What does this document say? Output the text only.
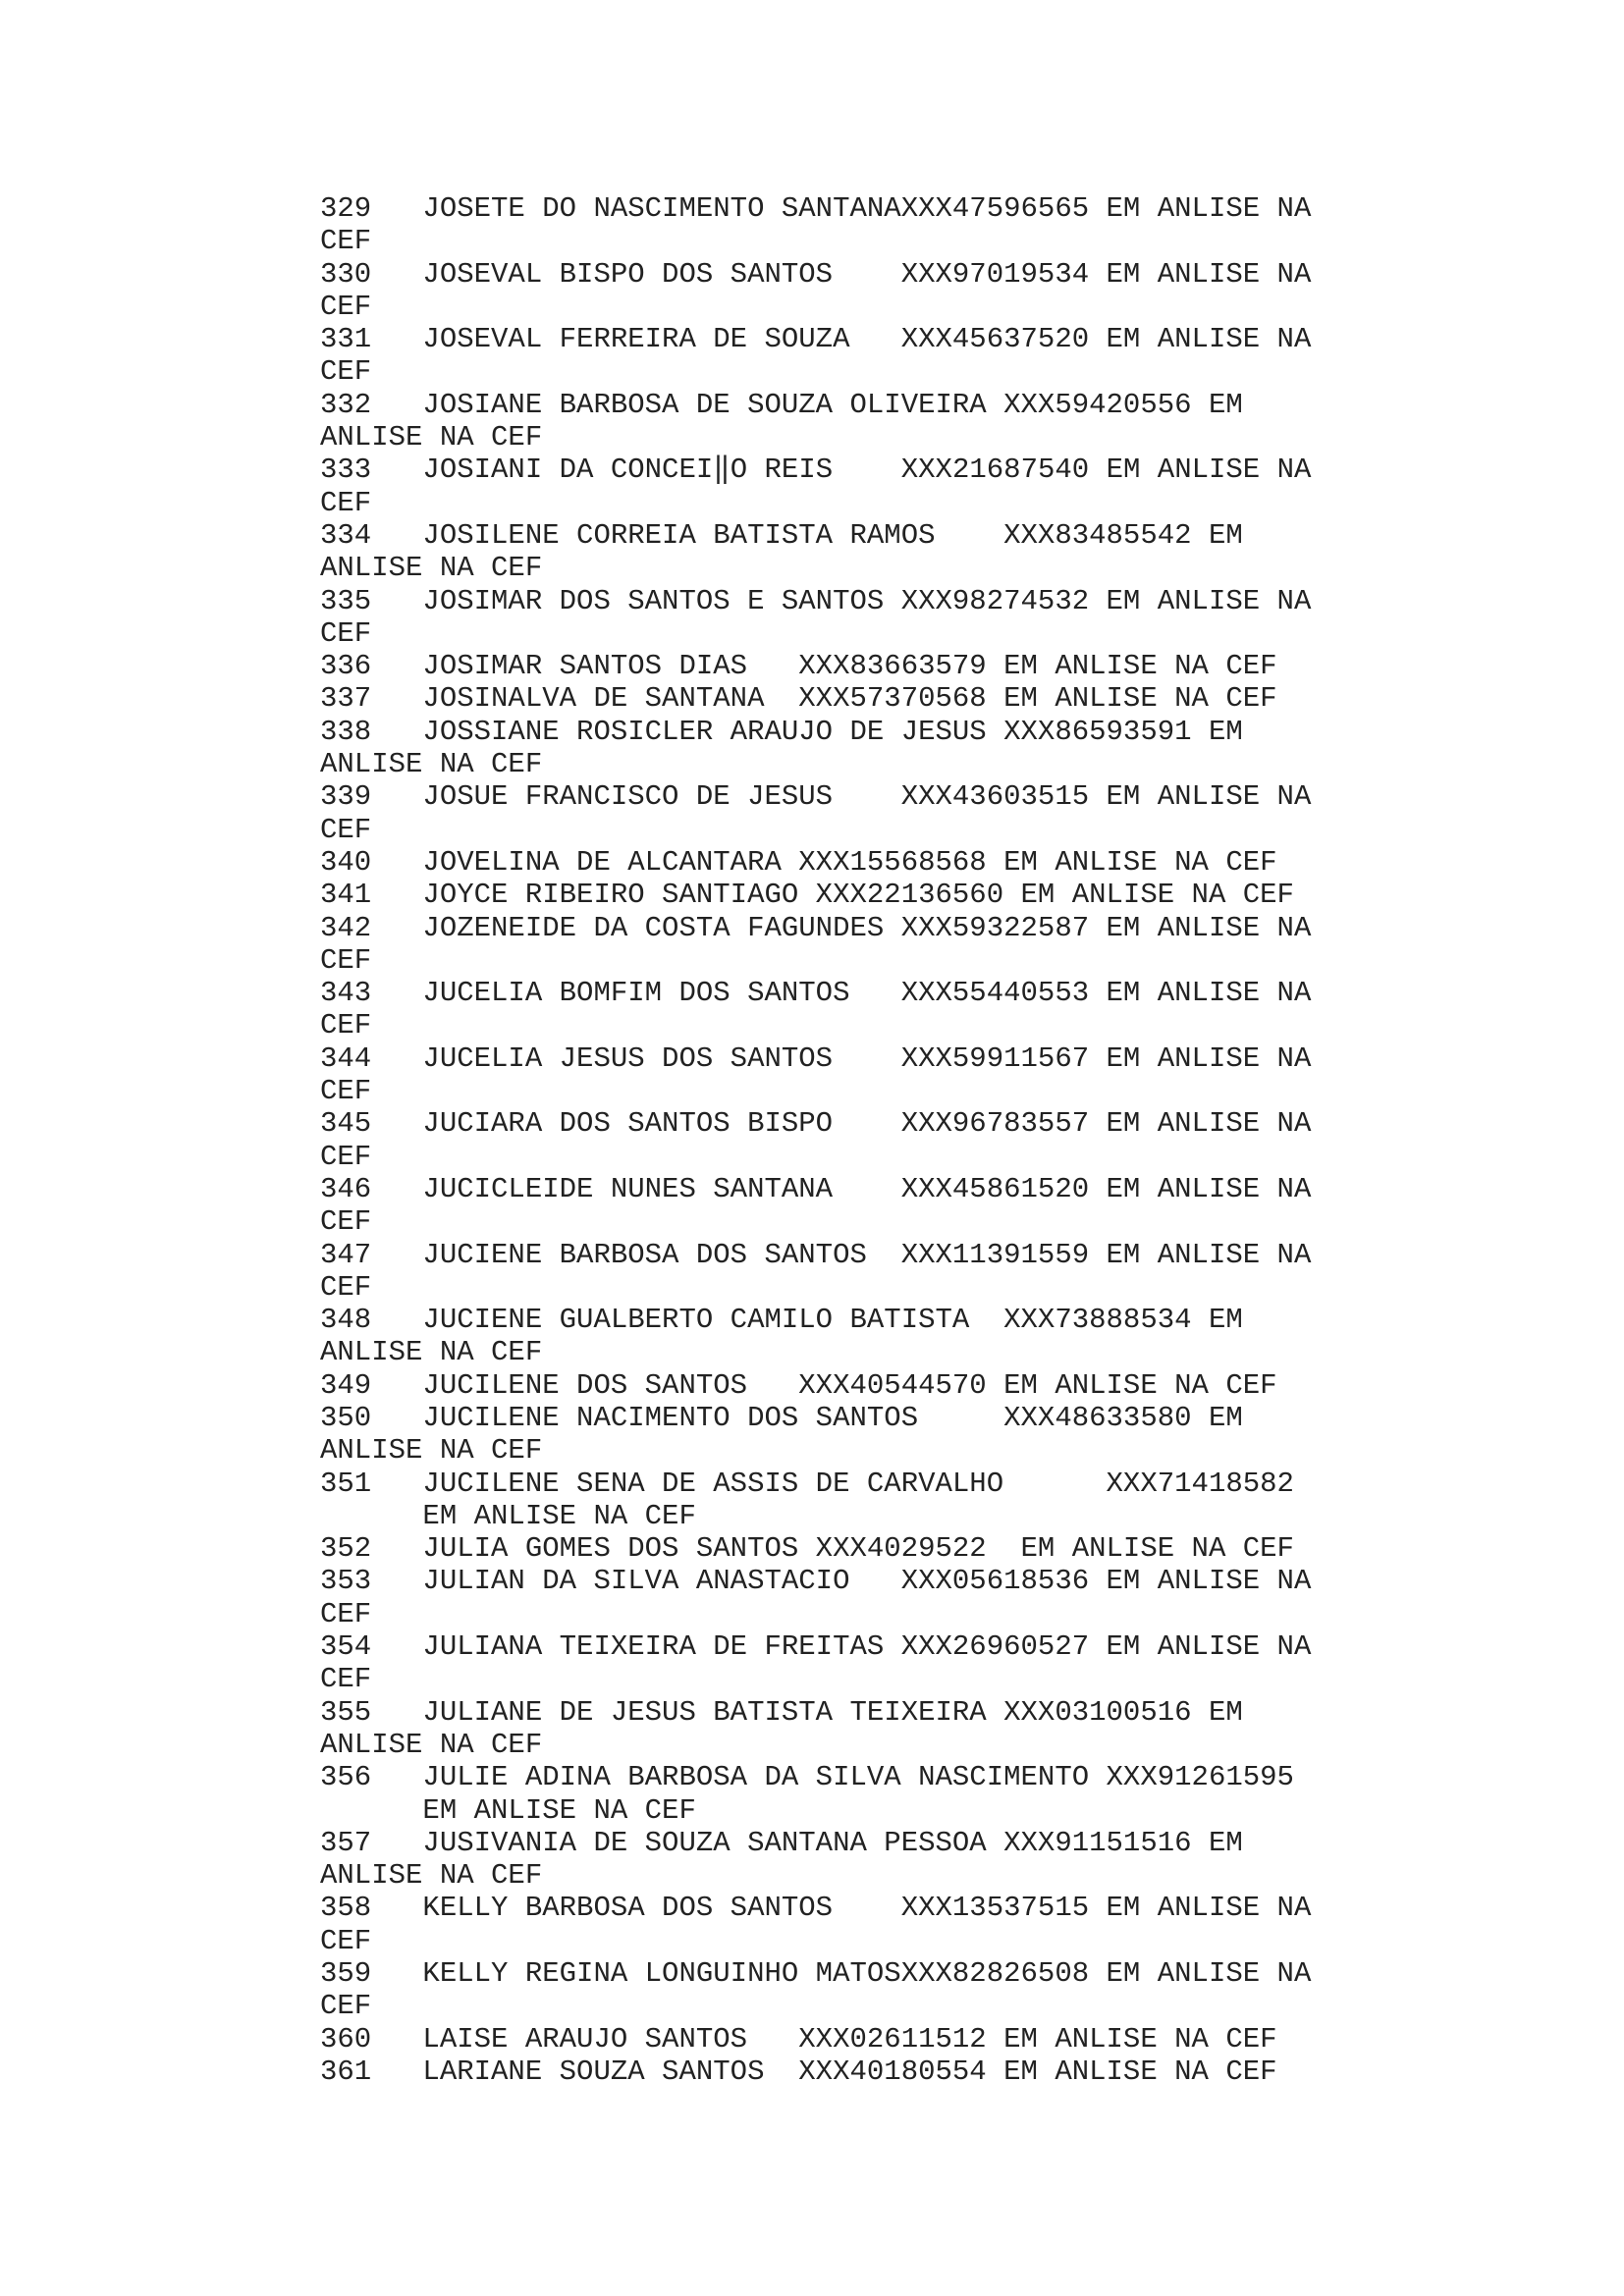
329   JOSETE DO NASCIMENTO SANTANAXXX47596565 EM ANLISE NA
CEF
330   JOSEVAL BISPO DOS SANTOS    XXX97019534 EM ANLISE NA
CEF
331   JOSEVAL FERREIRA DE SOUZA   XXX45637520 EM ANLISE NA
CEF
332   JOSIANE BARBOSA DE SOUZA OLIVEIRA XXX59420556 EM
ANLISE NA CEF
333   JOSIANI DA CONCEI‖O REIS    XXX21687540 EM ANLISE NA
CEF
334   JOSILENE CORREIA BATISTA RAMOS    XXX83485542 EM
ANLISE NA CEF
335   JOSIMAR DOS SANTOS E SANTOS XXX98274532 EM ANLISE NA
CEF
336   JOSIMAR SANTOS DIAS   XXX83663579 EM ANLISE NA CEF
337   JOSINALVA DE SANTANA  XXX57370568 EM ANLISE NA CEF
338   JOSSIANE ROSICLER ARAUJO DE JESUS XXX86593591 EM
ANLISE NA CEF
339   JOSUE FRANCISCO DE JESUS    XXX43603515 EM ANLISE NA
CEF
340   JOVELINA DE ALCANTARA XXX15568568 EM ANLISE NA CEF
341   JOYCE RIBEIRO SANTIAGO XXX22136560 EM ANLISE NA CEF
342   JOZENEIDE DA COSTA FAGUNDES XXX59322587 EM ANLISE NA
CEF
343   JUCELIA BOMFIM DOS SANTOS   XXX55440553 EM ANLISE NA
CEF
344   JUCELIA JESUS DOS SANTOS    XXX59911567 EM ANLISE NA
CEF
345   JUCIARA DOS SANTOS BISPO    XXX96783557 EM ANLISE NA
CEF
346   JUCICLEIDE NUNES SANTANA    XXX45861520 EM ANLISE NA
CEF
347   JUCIENE BARBOSA DOS SANTOS  XXX11391559 EM ANLISE NA
CEF
348   JUCIENE GUALBERTO CAMILO BATISTA  XXX73888534 EM
ANLISE NA CEF
349   JUCILENE DOS SANTOS   XXX40544570 EM ANLISE NA CEF
350   JUCILENE NACIMENTO DOS SANTOS     XXX48633580 EM
ANLISE NA CEF
351   JUCILENE SENA DE ASSIS DE CARVALHO      XXX71418582
EM ANLISE NA CEF
352   JULIA GOMES DOS SANTOS XXX4029522  EM ANLISE NA CEF
353   JULIAN DA SILVA ANASTACIO   XXX05618536 EM ANLISE NA
CEF
354   JULIANA TEIXEIRA DE FREITAS XXX26960527 EM ANLISE NA
CEF
355   JULIANE DE JESUS BATISTA TEIXEIRA XXX03100516 EM
ANLISE NA CEF
356   JULIE ADINA BARBOSA DA SILVA NASCIMENTO XXX91261595
EM ANLISE NA CEF
357   JUSIVANIA DE SOUZA SANTANA PESSOA XXX91151516 EM
ANLISE NA CEF
358   KELLY BARBOSA DOS SANTOS    XXX13537515 EM ANLISE NA
CEF
359   KELLY REGINA LONGUINHO MATOSXXX82826508 EM ANLISE NA
CEF
360   LAISE ARAUJO SANTOS   XXX02611512 EM ANLISE NA CEF
361   LARIANE SOUZA SANTOS  XXX40180554 EM ANLISE NA CEF
